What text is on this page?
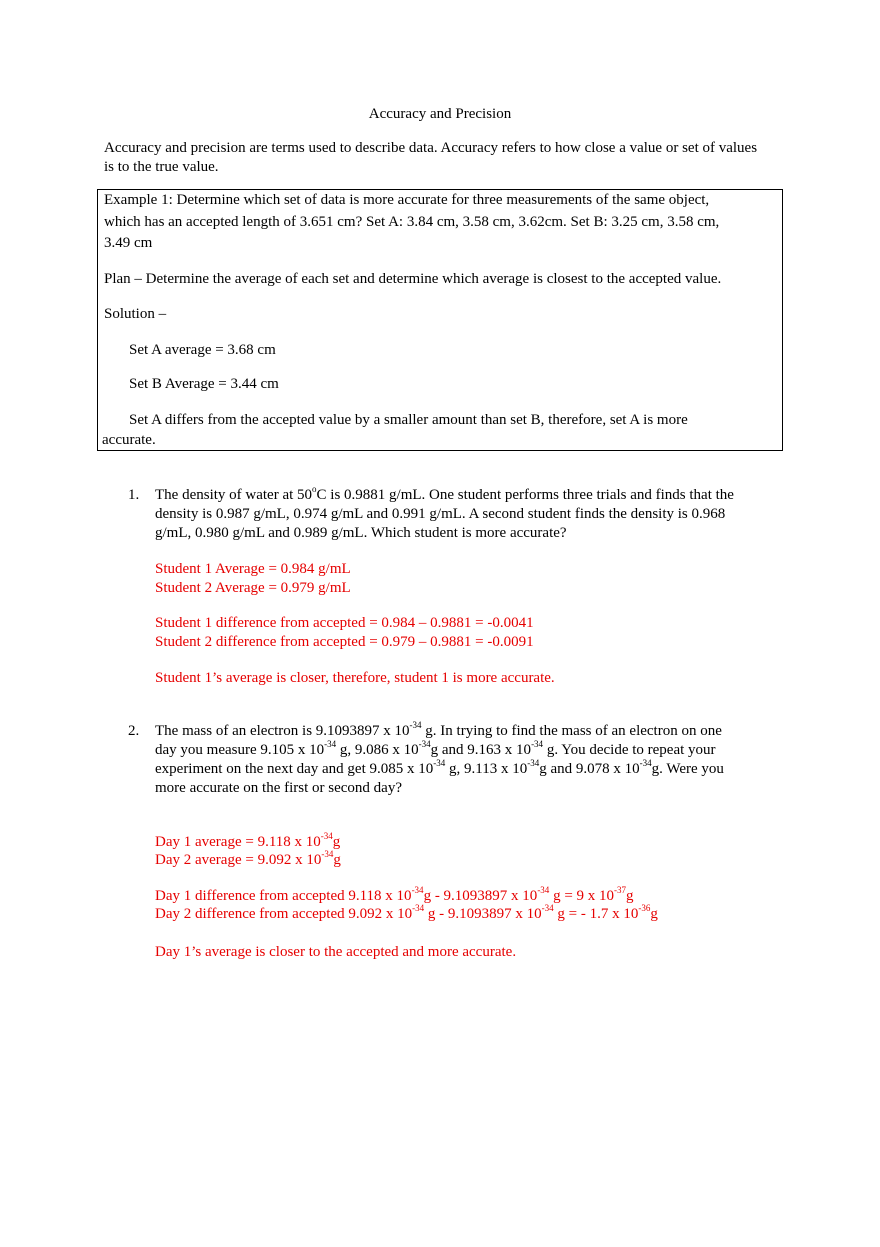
Accuracy and Precision
Accuracy and precision are terms used to describe data. Accuracy refers to how close a value or set of values is to the true value.
Example 1: Determine which set of data is more accurate for three measurements of the same object,
which has an accepted length of 3.651 cm? Set A: 3.84 cm, 3.58 cm, 3.62cm. Set B: 3.25 cm, 3.58 cm,
3.49 cm
Plan – Determine the average of each set and determine which average is closest to the accepted value.
Solution –
Set A average = 3.68 cm
Set B Average = 3.44 cm
Set A differs from the accepted value by a smaller amount than set B, therefore, set A is more
accurate.
1. The density of water at 50$^o$C is 0.9881 g/mL. One student performs three trials and finds that the
density is 0.987 g/mL, 0.974 g/mL and 0.991 g/mL. A second student finds the density is 0.968
g/mL, 0.980 g/mL and 0.989 g/mL. Which student is more accurate?
Student 1 Average = 0.984 g/mL
Student 2 Average = 0.979 g/mL
Student 1 difference from accepted = 0.984 – 0.9881 = -0.0041
Student 2 difference from accepted = 0.979 – 0.9881 = -0.0091
Student 1’s average is closer, therefore, student 1 is more accurate.
2. The mass of an electron is 9.1093897 x $10^{-34}$ g. In trying to find the mass of an electron on one
day you measure 9.105 x $10^{-34}$ g, 9.086 x $10^{-34}g$ and 9.163 x $10^{-34}$ g. You decide to repeat your
experiment on the next day and get 9.085 x $10^{-34}$ g, 9.113 x $10^{-34}g$ and 9.078 x $10^{-34}g$. Were you
more accurate on the first or second day?
Day 1 average = 9.118 x $10^{-34}g$
Day 2 average = 9.092 x $10^{-34}g$
Day 1 difference from accepted 9.118 x $10^{-34}g - 9.1093897$ x $10^{-34}$ g = 9 x $10^{-37}g$
Day 2 difference from accepted 9.092 x $10^{-34}$ g - 9.1093897 x $10^{-34}$ g = - 1.7 x $10^{-36}g$
Day 1’s average is closer to the accepted and more accurate.
